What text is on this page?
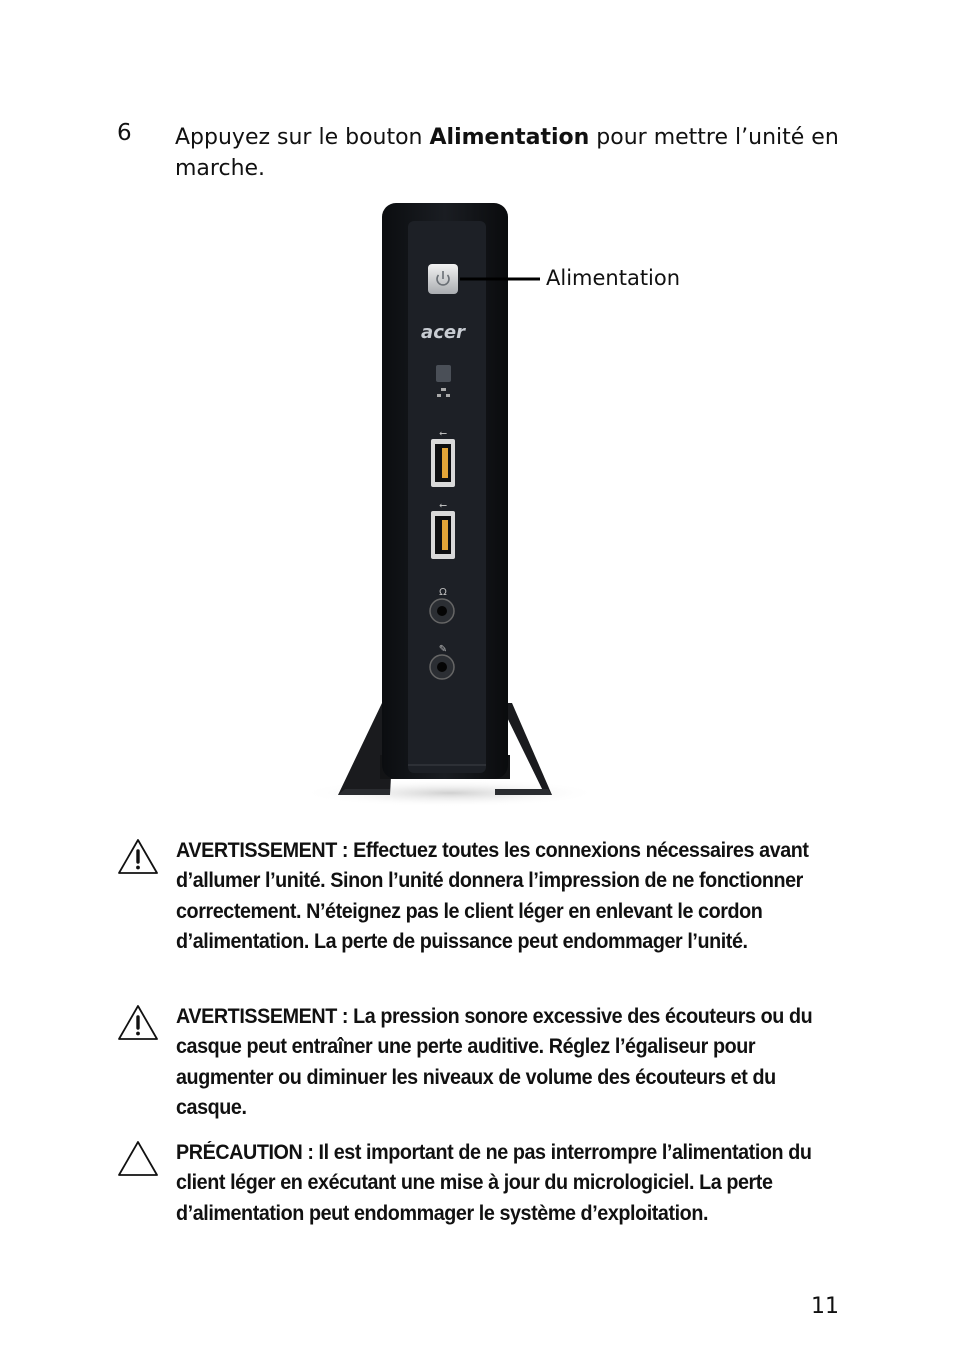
6 Appuyez sur le bouton Alimentation pour mettre l’unité en marche.
acer
⭠
⭠
Ω
✎
Alimentation
AVERTISSEMENT : Effectuez toutes les connexions nécessaires avant d’allumer l’unité. Sinon l’unité donnera l’impression de ne fonctionner correctement. N’éteignez pas le client léger en enlevant le cordon d’alimentation. La perte de puissance peut endommager l’unité.
AVERTISSEMENT : La pression sonore excessive des écouteurs ou du casque peut entraîner une perte auditive. Réglez l’égaliseur pour augmenter ou diminuer les niveaux de volume des écouteurs et du casque.
PRÉCAUTION : Il est important de ne pas interrompre l’alimentation du client léger en exécutant une mise à jour du micrologiciel. La perte d’alimentation peut endommager le système d’exploitation.
11
